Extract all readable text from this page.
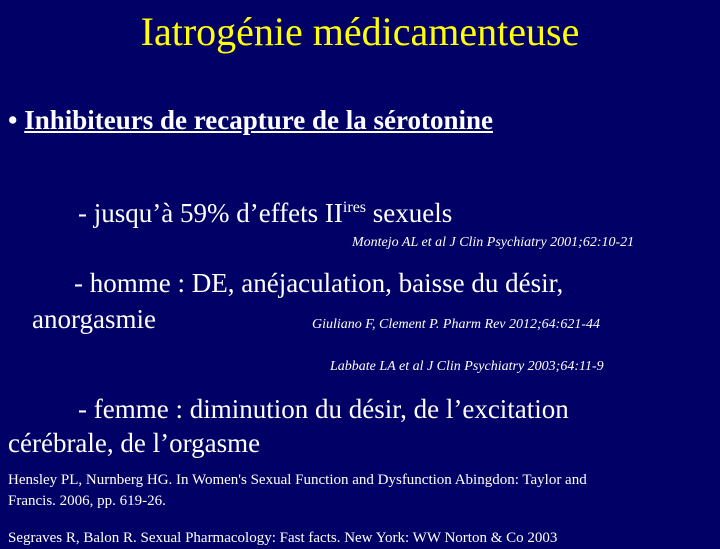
Iatrogénie médicamenteuse
• Inhibiteurs de recapture de la sérotonine
- jusqu’à 59% d’effets $II^{ires}$ sexuels
Montejo AL et al J Clin Psychiatry 2001;62:10-21
- homme : DE, anéjaculation, baisse du désir,
anorgasmie	Giuliano F, Clement P. Pharm Rev 2012;64:621-44
Labbate LA et al J Clin Psychiatry 2003;64:11-9
- femme : diminution du désir, de l’excitation
cérébrale, de l’orgasme
Hensley PL, Nurnberg HG. In Women's Sexual Function and Dysfunction Abingdon: Taylor and
Francis. 2006, pp. 619-26.
Segraves R, Balon R. Sexual Pharmacology: Fast facts. New York: WW Norton & Co 2003
